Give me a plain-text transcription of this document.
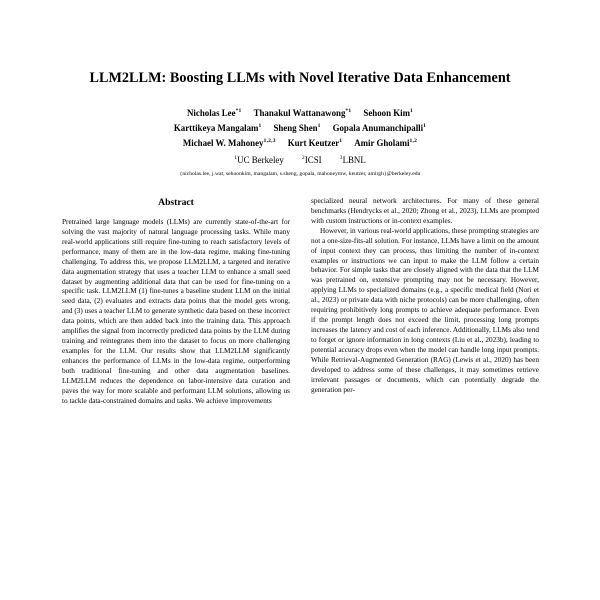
LLM2LLM: Boosting LLMs with Novel Iterative Data Enhancement
Nicholas Lee$^{*1}$ Thanakul Wattanawong$^{*1}$ Sehoon Kim$^1$
Karttikeya Mangalam$^1$ Sheng Shen$^1$ Gopala Anumanchipalli$^1$
Michael W. Mahoney$^{1,2,3}$ Kurt Keutzer$^1$ Amir Gholami$^{1,2}$
$^1$UC Berkeley	$^2$ICSI	$^3$LBNL
{nicholas.lee, j.wat, sehoonkim, mangalam, s.sheng, gopala, mahoneymw, keutzer, amirgh}@berkeley.edu
Abstract

Pretrained large language models (LLMs) are currently state-of-the-art for solving the vast majority of natural language processing tasks. While many real-world applications still require fine-tuning to reach satisfactory levels of performance, many of them are in the low-data regime, making fine-tuning challenging. To address this, we propose LLM2LLM, a targeted and iterative data augmentation strategy that uses a teacher LLM to enhance a small seed dataset by augmenting additional data that can be used for fine-tuning on a specific task. LLM2LLM (1) fine-tunes a baseline student LLM on the initial seed data, (2) evaluates and extracts data points that the model gets wrong, and (3) uses a teacher LLM to generate synthetic data based on these incorrect data points, which are then added back into the training data. This approach amplifies the signal from incorrectly predicted data points by the LLM during training and reintegrates them into the dataset to focus on more challenging examples for the LLM. Our results show that LLM2LLM significantly enhances the performance of LLMs in the low-data regime, outperforming both traditional fine-tuning and other data augmentation baselines. LLM2LLM reduces the dependence on labor-intensive data curation and paves the way for more scalable and performant LLM solutions, allowing us to tackle data-constrained domains and tasks. We achieve improvements

specialized neural network architectures. For many of these general benchmarks (Hendrycks et al., 2020; Zhong et al., 2023), LLMs are prompted with custom instructions or in-context examples.

However, in various real-world applications, these prompting strategies are not a one-size-fits-all solution. For instance, LLMs have a limit on the amount of input context they can process, thus limiting the number of in-context examples or instructions we can input to make the LLM follow a certain behavior. For simple tasks that are closely aligned with the data that the LLM was pretrained on, extensive prompting may not be necessary. However, applying LLMs to specialized domains (e.g., a specific medical field (Nori et al., 2023) or private data with niche protocols) can be more challenging, often requiring prohibitively long prompts to achieve adequate performance. Even if the prompt length does not exceed the limit, processing long prompts increases the latency and cost of each inference. Additionally, LLMs also tend to forget or ignore information in long contexts (Liu et al., 2023b), leading to potential accuracy drops even when the model can handle long input prompts. While Retrieval-Augmented Generation (RAG) (Lewis et al., 2020) has been developed to address some of these challenges, it may sometimes retrieve irrelevant passages or documents, which can potentially degrade the generation per-
